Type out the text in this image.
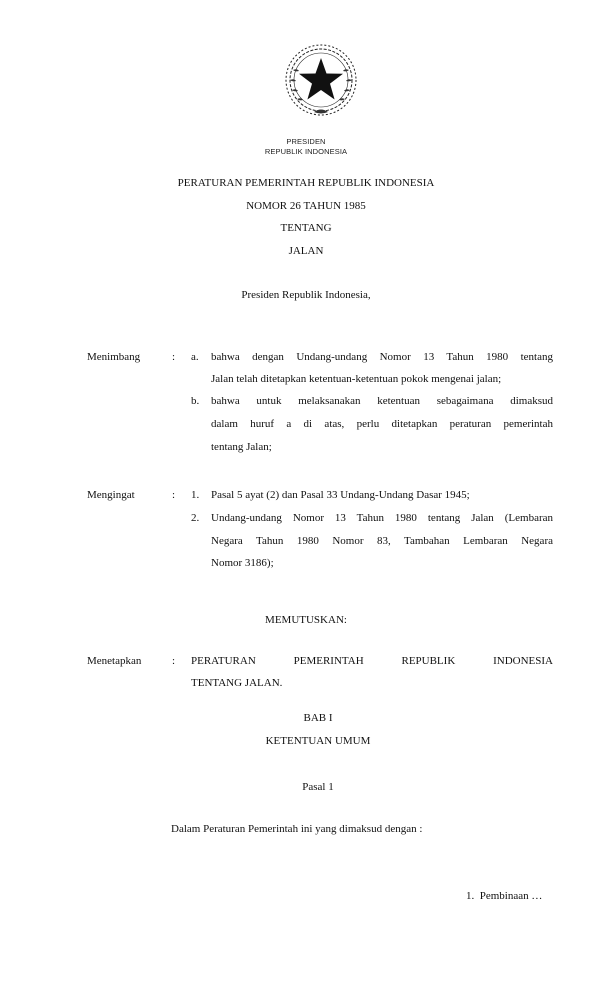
PRESIDEN
REPUBLIK INDONESIA
PERATURAN PEMERINTAH REPUBLIK INDONESIA
NOMOR 26 TAHUN 1985
TENTANG
JALAN
Presiden Republik Indonesia,
Menimbang	: a. bahwa dengan Undang-undang Nomor 13 Tahun 1980 tentang
Jalan telah ditetapkan ketentuan-ketentuan pokok mengenai jalan;
b. bahwa untuk melaksanakan ketentuan sebagaimana dimaksud
dalam huruf a di atas, perlu ditetapkan peraturan pemerintah
tentang Jalan;
Mengingat	: 1. Pasal 5 ayat (2) dan Pasal 33 Undang-Undang Dasar 1945;
2. Undang-undang Nomor 13 Tahun 1980 tentang Jalan (Lembaran
Negara Tahun 1980 Nomor 83, Tambahan Lembaran Negara
Nomor 3186);
MEMUTUSKAN:
Menetapkan	: PERATURAN PEMERINTAH REPUBLIK INDONESIA
TENTANG JALAN.
BAB I
KETENTUAN UMUM
Pasal 1
Dalam Peraturan Pemerintah ini yang dimaksud dengan :
1.  Pembinaan …
